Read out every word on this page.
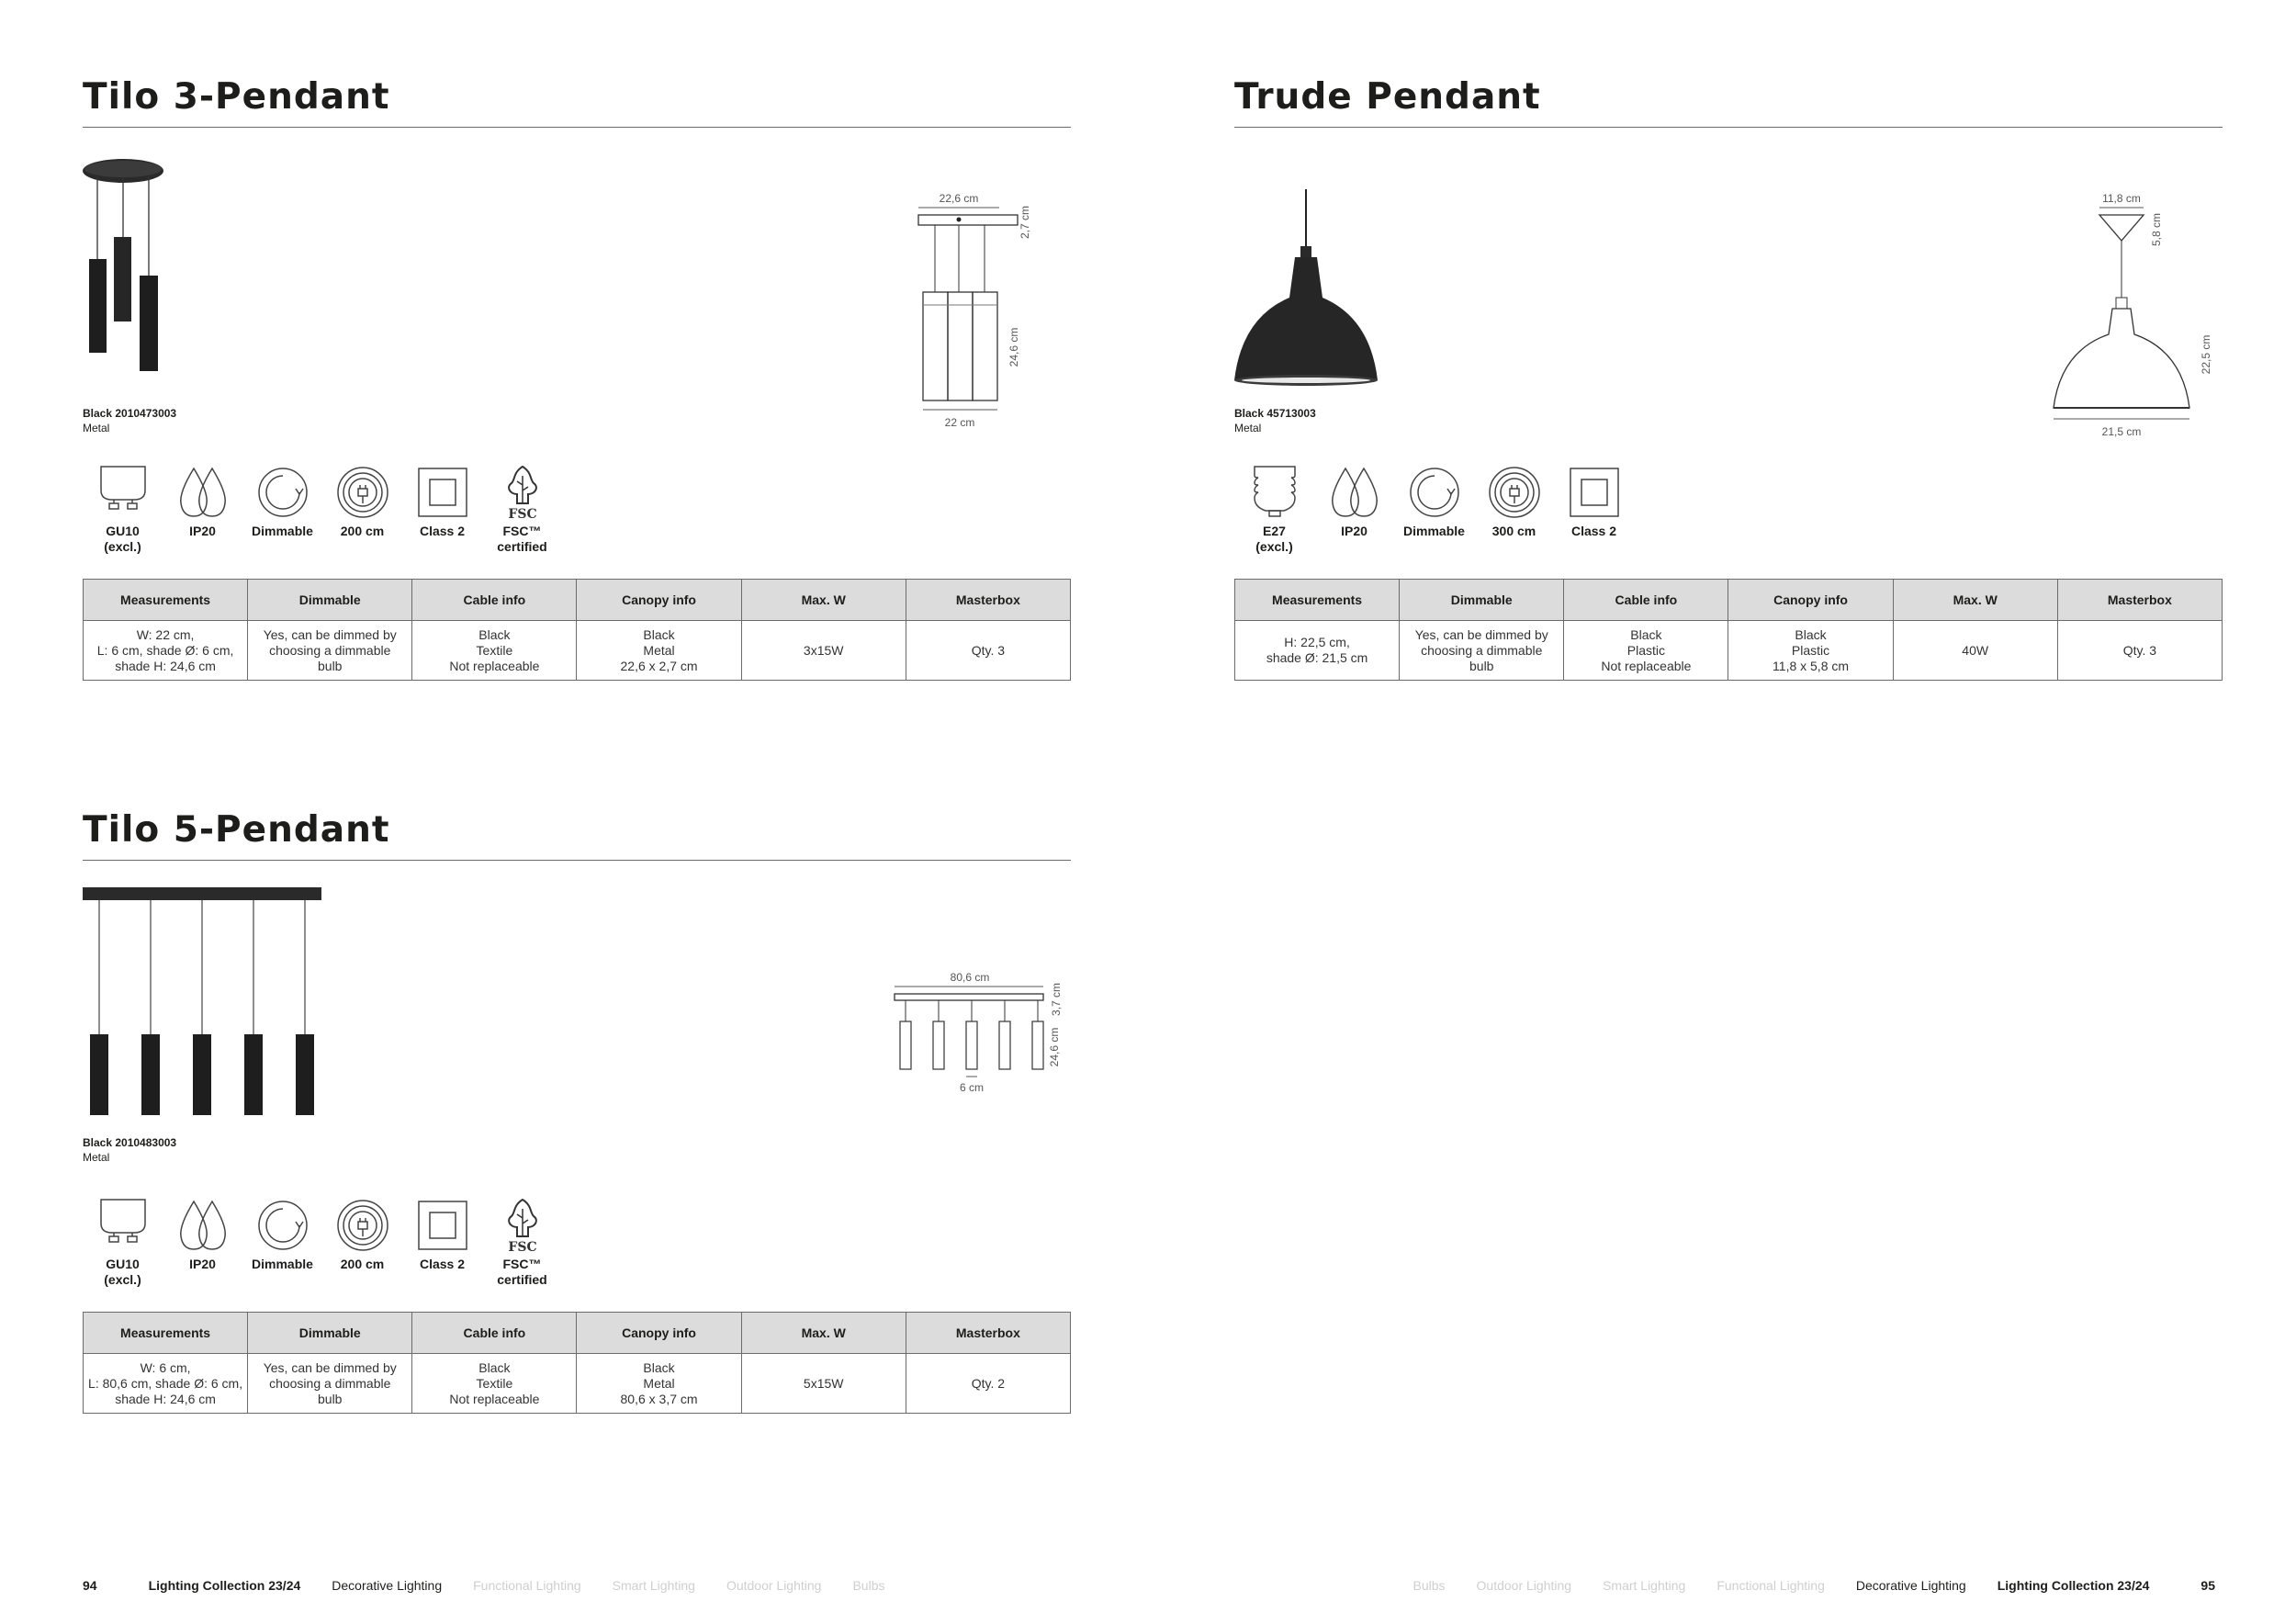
Tilo 3-Pendant
Black 2010473003
Metal
22,6 cm
2,7 cm
24,6 cm
22 cm
GU10
(excl.)
IP20	Dimmable 200 cm	Class 2
FSC
FSC™
certified
Measurements	Dimmable	Cable info	Canopy info	Max. W	Masterbox
W: 22 cm,
L: 6 cm, shade Ø: 6 cm,
shade H: 24,6 cm	Yes, can be dimmed by
choosing a dimmable
bulb	Black
Textile
Not replaceable	Black
Metal
22,6 x 2,7 cm	3x15W	Qty. 3
Trude Pendant
Black 45713003
Metal
11,8 cm
5,8 cm
22,5 cm
21,5 cm
E27
(excl.)
IP20	Dimmable 300 cm	Class 2
Measurements	Dimmable	Cable info	Canopy info	Max. W	Masterbox
H: 22,5 cm,
shade Ø: 21,5 cm	Yes, can be dimmed by
choosing a dimmable
bulb	Black
Plastic
Not replaceable	Black
Plastic
11,8 x 5,8 cm	40W	Qty. 3
Tilo 5-Pendant
Black 2010483003
Metal
80,6 cm
3,7 cm
24,6 cm
6 cm
GU10
(excl.)
IP20	Dimmable 200 cm	Class 2
FSC
FSC™
certified
Measurements	Dimmable	Cable info	Canopy info	Max. W	Masterbox
W: 6 cm,
L: 80,6 cm, shade Ø: 6 cm,
shade H: 24,6 cm	Yes, can be dimmed by
choosing a dimmable
bulb	Black
Textile
Not replaceable	Black
Metal
80,6 x 3,7 cm	5x15W	Qty. 2
94	Lighting Collection 23/24 Decorative Lighting Functional Lighting Smart Lighting Outdoor Lighting Bulbs	Bulbs Outdoor Lighting Smart Lighting Functional Lighting Decorative Lighting Lighting Collection 23/24	95
